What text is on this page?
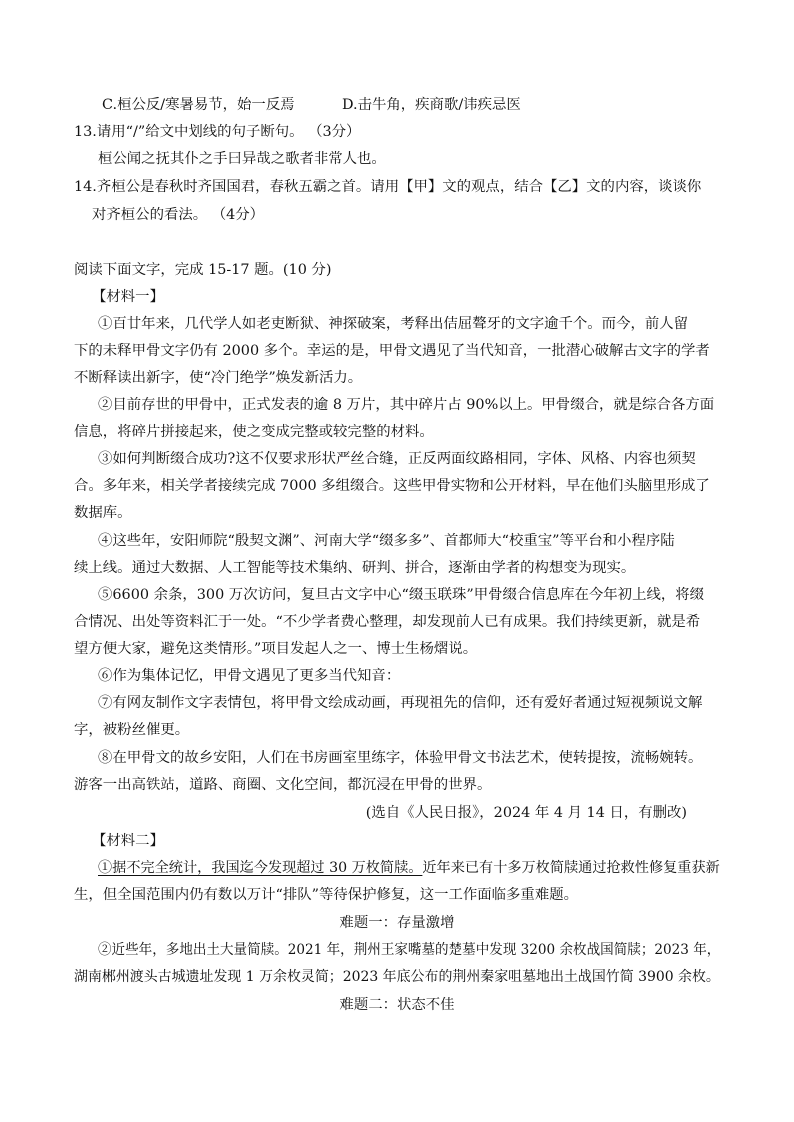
C.桓公反/寒暑易节，始一反焉	D.击牛角，疾商歌/讳疾忌医
13.请用“/”给文中划线的句子断句。 （3分）
桓公闻之抚其仆之手曰异哉之歌者非常人也。
14.齐桓公是春秋时齐国国君，春秋五霸之首。请用【甲】文的观点，结合【乙】文的内容，谈谈你
对齐桓公的看法。 （4分）
阅读下面文字，完成 15-17 题。(10 分)
【材料一】
①百廿年来，几代学人如老吏断狱、神探破案，考释出佶屈聱牙的文字逾千个。而今，前人留
下的未释甲骨文字仍有 2000 多个。幸运的是，甲骨文遇见了当代知音，一批潜心破解古文字的学者
不断释读出新字，使“冷门绝学”焕发新活力。
②目前存世的甲骨中，正式发表的逾 8 万片，其中碎片占 90%以上。甲骨缀合，就是综合各方面
信息，将碎片拼接起来，使之变成完整或较完整的材料。
③如何判断缀合成功?这不仅要求形状严丝合缝，正反两面纹路相同，字体、风格、内容也须契
合。多年来，相关学者接续完成 7000 多组缀合。这些甲骨实物和公开材料，早在他们头脑里形成了
数据库。
④这些年，安阳师院“殷契文渊”、河南大学“缀多多”、首都师大“校重宝”等平台和小程序陆
续上线。通过大数据、人工智能等技术集纳、研判、拼合，逐渐由学者的构想变为现实。
⑤6600 余条，300 万次访问，复旦古文字中心“缀玉联珠”甲骨缀合信息库在今年初上线，将缀
合情况、出处等资料汇于一处。“不少学者费心整理，却发现前人已有成果。我们持续更新，就是希
望方便大家，避免这类情形。”项目发起人之一、博士生杨熠说。
⑥作为集体记忆，甲骨文遇见了更多当代知音：
⑦有网友制作文字表情包，将甲骨文绘成动画，再现祖先的信仰，还有爱好者通过短视频说文解
字，被粉丝催更。
⑧在甲骨文的故乡安阳，人们在书房画室里练字，体验甲骨文书法艺术，使转提按，流畅婉转。
游客一出高铁站，道路、商圈、文化空间，都沉浸在甲骨的世界。
(选自《人民日报》，2024 年 4 月 14 日，有删改)
【材料二】
①据不完全统计，我国迄今发现超过 30 万枚简牍。近年来已有十多万枚简牍通过抢救性修复重获新
生，但全国范围内仍有数以万计“排队”等待保护修复，这一工作面临多重难题。
难题一：存量激增
②近些年，多地出土大量简牍。2021 年，荆州王家嘴墓的楚墓中发现 3200 余枚战国简牍；2023 年，
湖南郴州渡头古城遗址发现 1 万余枚灵简；2023 年底公布的荆州秦家咀墓地出土战国竹简 3900 余枚。
难题二：状态不佳
